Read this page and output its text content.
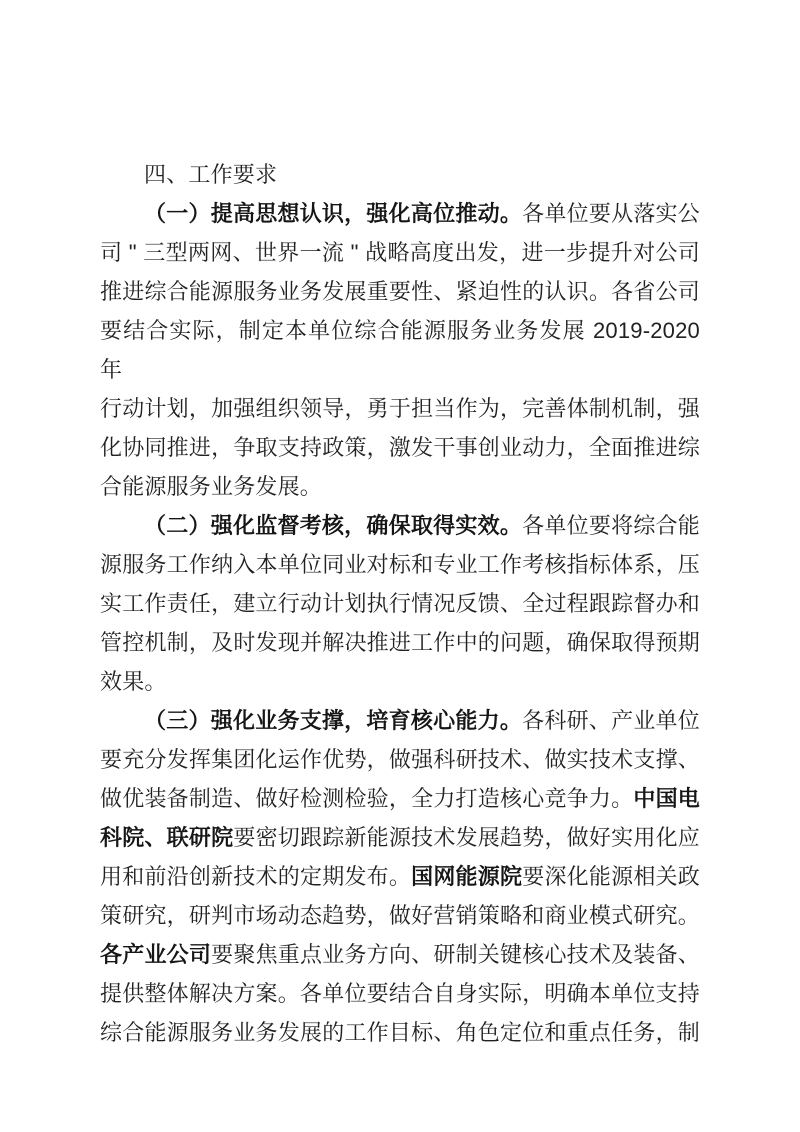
四、工作要求
（一）提高思想认识，强化高位推动。各单位要从落实公
司 " 三型两网、世界一流 " 战略高度出发，进一步提升对公司
推进综合能源服务业务发展重要性、紧迫性的认识。各省公司
要结合实际，制定本单位综合能源服务业务发展 2019-2020 年
行动计划，加强组织领导，勇于担当作为，完善体制机制，强
化协同推进，争取支持政策，激发干事创业动力，全面推进综
合能源服务业务发展。
（二）强化监督考核，确保取得实效。各单位要将综合能
源服务工作纳入本单位同业对标和专业工作考核指标体系，压
实工作责任，建立行动计划执行情况反馈、全过程跟踪督办和
管控机制，及时发现并解决推进工作中的问题，确保取得预期
效果。
（三）强化业务支撑，培育核心能力。各科研、产业单位
要充分发挥集团化运作优势，做强科研技术、做实技术支撑、
做优装备制造、做好检测检验，全力打造核心竞争力。中国电
科院、联研院要密切跟踪新能源技术发展趋势，做好实用化应
用和前沿创新技术的定期发布。国网能源院要深化能源相关政
策研究，研判市场动态趋势，做好营销策略和商业模式研究。
各产业公司要聚焦重点业务方向、研制关键核心技术及装备、
提供整体解决方案。各单位要结合自身实际，明确本单位支持
综合能源服务业务发展的工作目标、角色定位和重点任务，制
